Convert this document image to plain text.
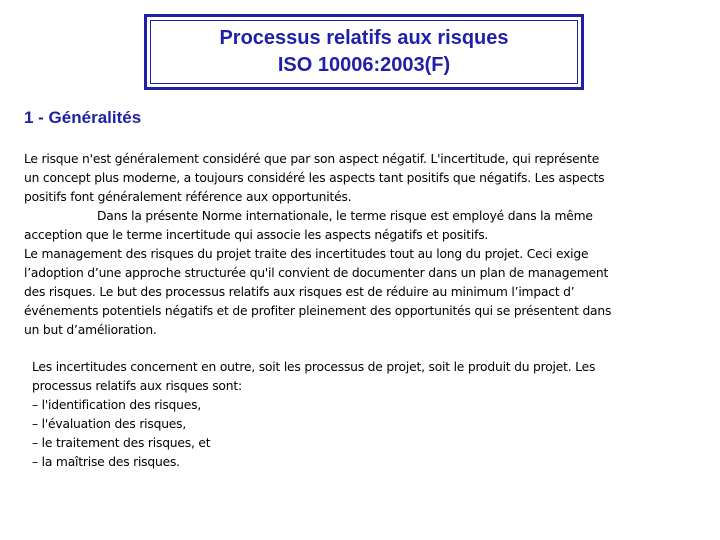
Processus relatifs aux risques
ISO 10006:2003(F)
1 - Généralités

Le risque n'est généralement considéré que par son aspect négatif. L'incertitude, qui représente

un concept plus moderne, a toujours considéré les aspects tant positifs que négatifs. Les aspects

positifs font généralement référence aux opportunités.

Dans la présente Norme internationale, le terme risque est employé dans la même

acception que le terme incertitude qui associe les aspects négatifs et positifs.

Le management des risques du projet traite des incertitudes tout au long du projet. Ceci exige

l’adoption d’une approche structurée qu'il convient de documenter dans un plan de management

des risques. Le but des processus relatifs aux risques est de réduire au minimum l’impact d’

événements potentiels négatifs et de profiter pleinement des opportunités qui se présentent dans

un but d’amélioration.

Les incertitudes concernent en outre, soit les processus de projet, soit le produit du projet. Les

processus relatifs aux risques sont:

– l'identification des risques,

– l'évaluation des risques,

– le traitement des risques, et

– la maîtrise des risques.
